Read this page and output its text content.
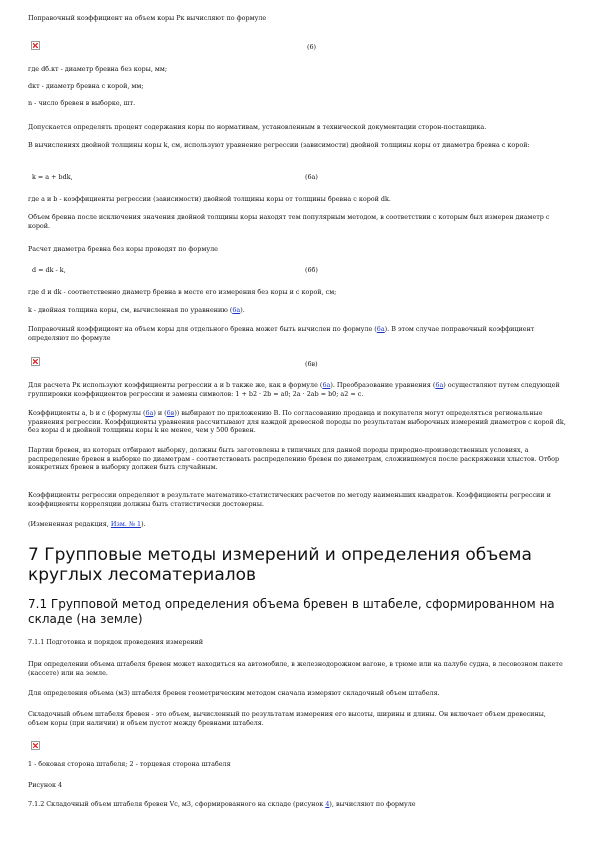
Поправочный коэффициент на объем коры Рк вычисляют по формуле
(6)
где dб.кт - диаметр бревна без коры, мм;
dкт - диаметр бревна с корой, мм;
n - число бревен в выборке, шт.
Допускается определять процент содержания коры по нормативам, установленным в технической документации сторон-поставщика.
В вычислениях двойной толщины коры k, см, используют уравнение регрессии (зависимости) двойной толщины коры от диаметра бревна с корой:
k = a + bdk,	(6а)
где a и b - коэффициенты регрессии (зависимости) двойной толщины коры от толщины бревна с корой dk.
Объем бревна после исключения значения двойной толщины коры находят тем популярным методом, в соответствии с которым был измерен диаметр с корой.
Расчет диаметра бревна без коры проводят по формуле
d = dk - k,	(6б)
где d и dk - соответственно диаметр бревна в месте его измерения без коры и с корой, см;
k - двойная толщина коры, см, вычисленная по уравнению (6а).
Поправочный коэффициент на объем коры для отдельного бревна может быть вычислен по формуле (6а). В этом случае поправочный коэффициент определяют по формуле
(6в)
Для расчета Рк используют коэффициенты регрессии a и b также же, как в формуле (6а). Преобразование уравнения (6а) осуществляют путем следующей группировки коэффициентов регрессии и замены символов: 1 + b2 · 2b = a0; 2a · 2ab = b0; a2 = c.
Коэффициенты a, b и c (формулы (6а) и (6в)) выбирают по приложению В. По согласованию продавца и покупателя могут определяться региональные уравнения регрессии. Коэффициенты уравнения рассчитывают для каждой древесной породы по результатам выборочных измерений диаметров с корой dk, без коры d и двойной толщины коры k не менее, чем у 500 бревен.
Партии бревен, из которых отбирают выборку, должны быть заготовлены в типичных для данной породы природно-производственных условиях, а распределение бревен в выборке по диаметрам - соответствовать распределению бревен по диаметрам, сложившемуся после раскряжевки хлыстов. Отбор конкретных бревен в выборку должен быть случайным.
Коэффициенты регрессии определяют в результате математико-статистических расчетов по методу наименьших квадратов. Коэффициенты регрессии и коэффициенты корреляции должны быть статистически достоверны.
(Измененная редакция, Изм. № 1).
7 Групповые методы измерений и определения объема круглых лесоматериалов
7.1 Групповой метод определения объема бревен в штабеле, сформированном на складе (на земле)
7.1.1 Подготовка и порядок проведения измерений
При определении объема штабеля бревен может находиться на автомобиле, в железнодорожном вагоне, в трюме или на палубе судна, в лесовозном пакете (кассете) или на земле.
Для определения объема (м3) штабеля бревен геометрическим методом сначала измеряют складочный объем штабеля.
Складочный объем штабеля бревен - это объем, вычисленный по результатам измерения его высоты, ширины и длины. Он включает объем древесины, объем коры (при наличии) и объем пустот между бревнами штабеля.
1 - боковая сторона штабеля; 2 - торцевая сторона штабеля
Рисунок 4
7.1.2 Складочный объем штабеля бревен Vc, м3, сформированного на складе (рисунок 4), вычисляют по формуле
